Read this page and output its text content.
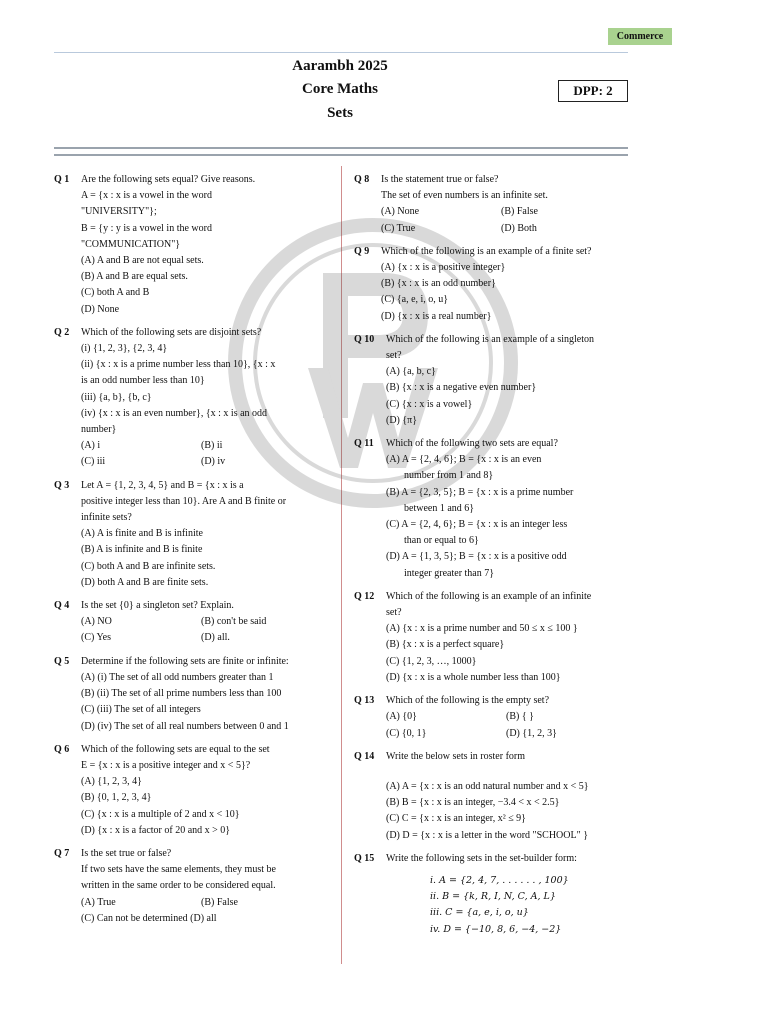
Commerce
Aarambh 2025
Core Maths
Sets
DPP: 2
Q 1	Are the following sets equal? Give reasons.
A = {x : x is a vowel in the word
"UNIVERSITY"};
B = {y : y is a vowel in the word
"COMMUNICATION"}
(A) A and B are not equal sets.
(B) A and B are equal sets.
(C) both A and B
(D) None
Q 2	Which of the following sets are disjoint sets?
(i) {1, 2, 3}, {2, 3, 4}
(ii) {x : x is a prime number less than 10}, {x : x
is an odd number less than 10}
(iii) {a, b}, {b, c}
(iv) {x : x is an even number}, {x : x is an odd
number}
(A) i	(B) ii
(C) iii	(D) iv
Q 3	Let A = {1, 2, 3, 4, 5} and B = {x : x is a
positive integer less than 10}. Are A and B finite or
infinite sets?
(A) A is finite and B is infinite
(B) A is infinite and B is finite
(C) both A and B are infinite sets.
(D) both A and B are finite sets.
Q 4	Is the set {0} a singleton set? Explain.
(A) NO	(B) con't be said
(C) Yes	(D) all.
Q 5	Determine if the following sets are finite or infinite:
(A) (i) The set of all odd numbers greater than 1
(B) (ii) The set of all prime numbers less than 100
(C) (iii) The set of all integers
(D) (iv) The set of all real numbers between 0 and 1
Q 6	Which of the following sets are equal to the set
E = {x : x is a positive integer and x < 5}?
(A) {1, 2, 3, 4}
(B) {0, 1, 2, 3, 4}
(C) {x : x is a multiple of 2 and x < 10}
(D) {x : x is a factor of 20 and x > 0}
Q 7	Is the set true or false?
If two sets have the same elements, they must be
written in the same order to be considered equal.
(A) True	(B) False
(C) Can not be determined (D) all
Q 8	Is the statement true or false?
The set of even numbers is an infinite set.
(A) None	(B) False
(C) True	(D) Both
Q 9	Which of the following is an example of a finite set?
(A) {x : x is a positive integer}
(B) {x : x is an odd number}
(C) {a, e, i, o, u}
(D) {x : x is a real number}
Q 10	Which of the following is an example of a singleton
set?
(A) {a, b, c}
(B) {x : x is a negative even number}
(C) {x : x is a vowel}
(D) {π}
Q 11	Which of the following two sets are equal?
(A) A = {2, 4, 6}; B = {x : x is an even
number from 1 and 8}
(B) A = {2, 3, 5}; B = {x : x is a prime number
between 1 and 6}
(C) A = {2, 4, 6}; B = {x : x is an integer less
than or equal to 6}
(D) A = {1, 3, 5}; B = {x : x is a positive odd
integer greater than 7}
Q 12	Which of the following is an example of an infinite
set?
(A) {x : x is a prime number and 50 ≤ x ≤ 100 }
(B) {x : x is a perfect square}
(C) {1, 2, 3, …, 1000}
(D) {x : x is a whole number less than 100}
Q 13	Which of the following is the empty set?
(A) {0}	(B) { }
(C) {0, 1}	(D) {1, 2, 3}
Q 14	Write the below sets in roster form
(A) A = {x : x is an odd natural number and x < 5}
(B) B = {x : x is an integer, −3.4 < x < 2.5}
(C) C = {x : x is an integer, x² ≤ 9}
(D) D = {x : x is a letter in the word "SCHOOL" }
Q 15	Write the following sets in the set-builder form:
i. A = {2, 4, 7, . . . . . . , 100}
ii. B = {k, R, I, N, C, A, L}
iii. C = {a, e, i, o, u}
iv. D = {−10, 8, 6, −4, −2}
